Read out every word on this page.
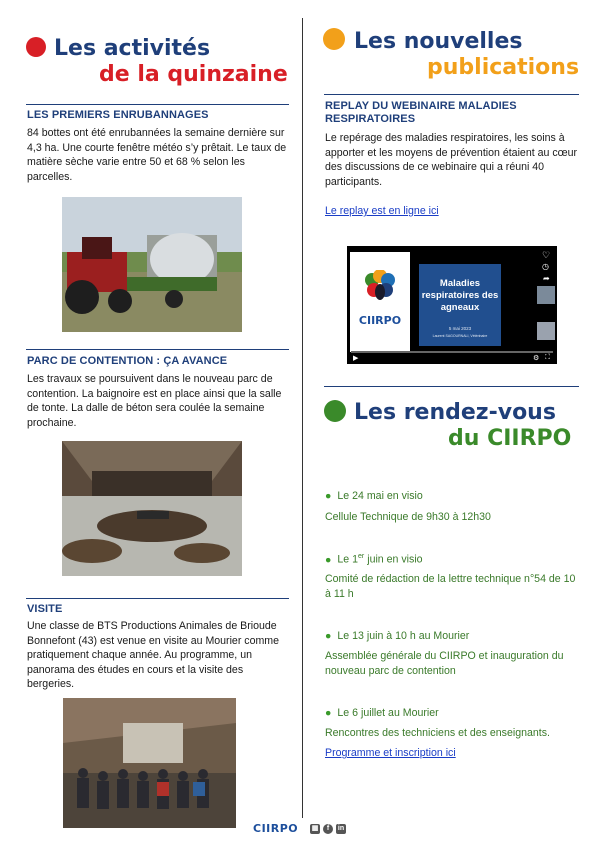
Les activités
de la quinzaine
LES PREMIERS ENRUBANNAGES
84 bottes ont été enrubannées la semaine dernière sur 4,3 ha. Une courte fenêtre météo s’y prêtait. Le taux de matière sèche varie entre 50 et 68 % selon les parcelles.
PARC DE CONTENTION : ÇA AVANCE
Les travaux se poursuivent dans le nouveau parc de contention. La baignoire est en place ainsi que la salle de tonte. La dalle de béton sera coulée la semaine prochaine.
VISITE
Une classe de BTS Productions Animales de Brioude Bonnefont (43) est venue en visite au Mourier comme pratiquement chaque année. Au programme, un panorama des études en cours et la visite des bergeries.
Les nouvelles
publications
REPLAY DU WEBINAIRE MALADIES RESPIRATOIRES
Le repérage des maladies respiratoires, les soins à apporter et les moyens de prévention étaient au cœur des discussions de ce webinaire qui a réuni 40 participants.
Le replay est en ligne ici
CIIRPO
Maladies respiratoires des agneaux
5 mai 2023
Laurent SAGOURNALI, Vétérinaire
♡
◷
➦
▶	⚙ ⛶
Les rendez-vous
du CIIRPO
● Le 24 mai en visio
Cellule Technique de 9h30 à 12h30
● Le 1er juin en visio
Comité de rédaction de la lettre technique n°54 de 10 à 11 h
● Le 13 juin à 10 h au Mourier
Assemblée générale du CIIRPO et inauguration du nouveau parc de contention
● Le 6 juillet au Mourier
Rencontres des techniciens et des enseignants.
Programme et inscription ici
CIIRPO ▦	f	in
